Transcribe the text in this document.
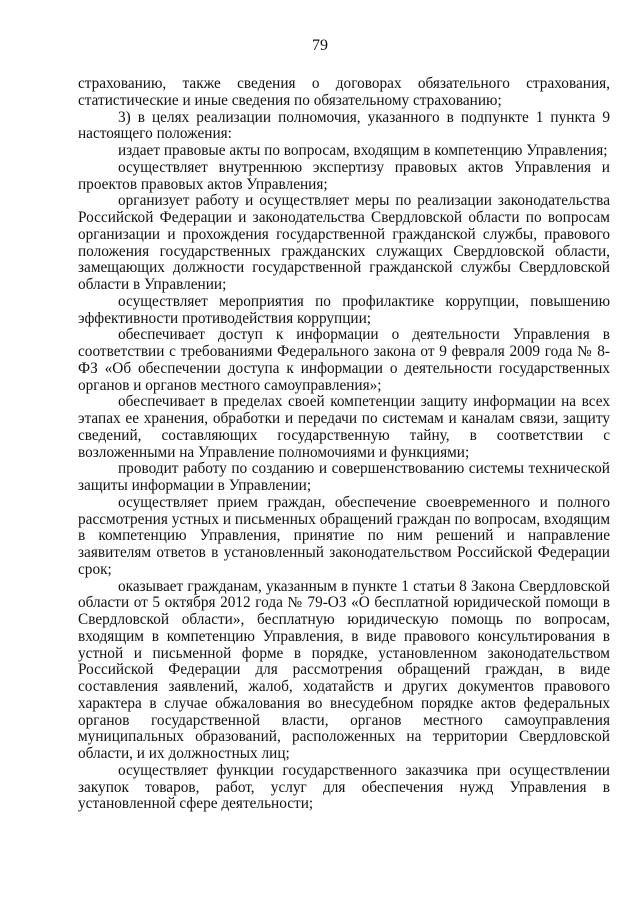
79

страхованию, также сведения о договорах обязательного страхования, статистические и иные сведения по обязательному страхованию;

3) в целях реализации полномочия, указанного в подпункте 1 пункта 9 настоящего положения:

издает правовые акты по вопросам, входящим в компетенцию Управления;

осуществляет внутреннюю экспертизу правовых актов Управления и проектов правовых актов Управления;

организует работу и осуществляет меры по реализации законодательства Российской Федерации и законодательства Свердловской области по вопросам организации и прохождения государственной гражданской службы, правового положения государственных гражданских служащих Свердловской области, замещающих должности государственной гражданской службы Свердловской области в Управлении;

осуществляет мероприятия по профилактике коррупции, повышению эффективности противодействия коррупции;

обеспечивает доступ к информации о деятельности Управления в соответствии с требованиями Федерального закона от 9 февраля 2009 года № 8-ФЗ «Об обеспечении доступа к информации о деятельности государственных органов и органов местного самоуправления»;

обеспечивает в пределах своей компетенции защиту информации на всех этапах ее хранения, обработки и передачи по системам и каналам связи, защиту сведений, составляющих государственную тайну, в соответствии с возложенными на Управление полномочиями и функциями;

проводит работу по созданию и совершенствованию системы технической защиты информации в Управлении;

осуществляет прием граждан, обеспечение своевременного и полного рассмотрения устных и письменных обращений граждан по вопросам, входящим в компетенцию Управления, принятие по ним решений и направление заявителям ответов в установленный законодательством Российской Федерации срок;

оказывает гражданам, указанным в пункте 1 статьи 8 Закона Свердловской области от 5 октября 2012 года № 79-ОЗ «О бесплатной юридической помощи в Свердловской области», бесплатную юридическую помощь по вопросам, входящим в компетенцию Управления, в виде правового консультирования в устной и письменной форме в порядке, установленном законодательством Российской Федерации для рассмотрения обращений граждан, в виде составления заявлений, жалоб, ходатайств и других документов правового характера в случае обжалования во внесудебном порядке актов федеральных органов государственной власти, органов местного самоуправления муниципальных образований, расположенных на территории Свердловской области, и их должностных лиц;

осуществляет функции государственного заказчика при осуществлении закупок товаров, работ, услуг для обеспечения нужд Управления в установленной сфере деятельности;
